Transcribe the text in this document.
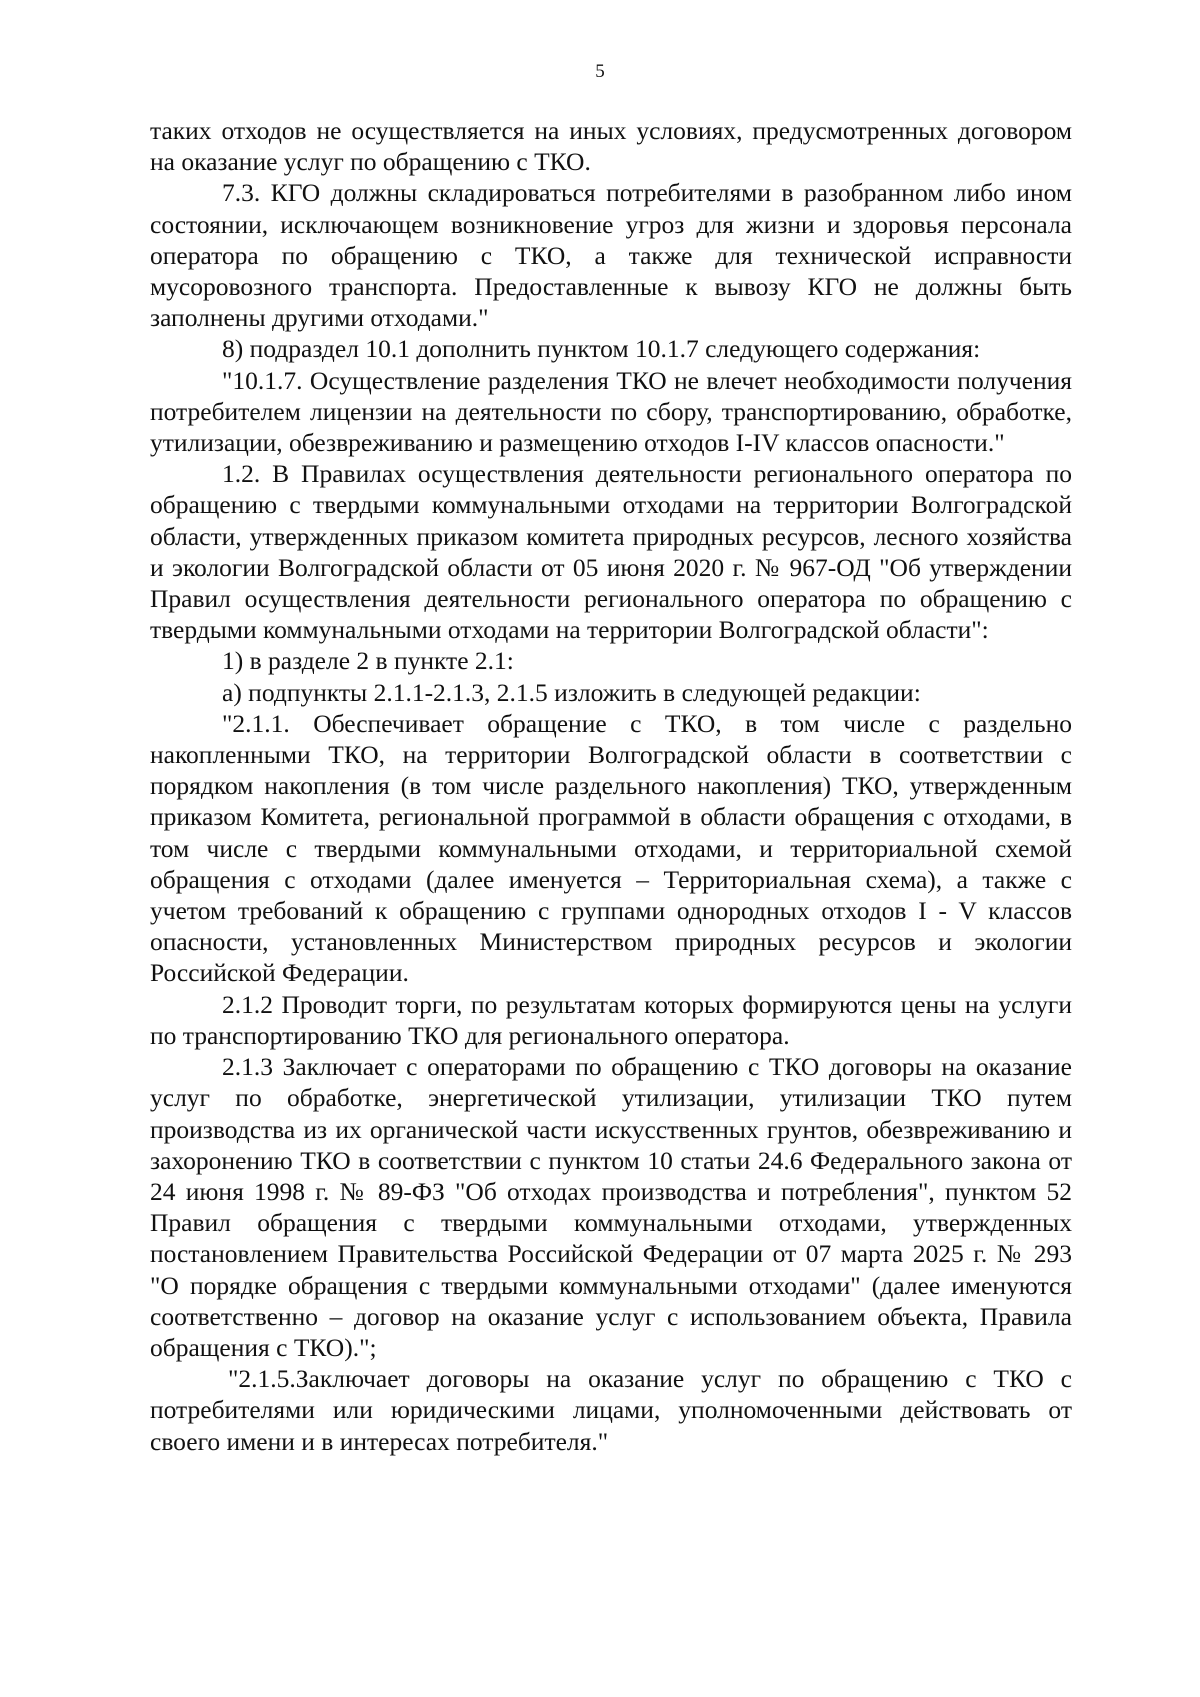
5

таких отходов не осуществляется на иных условиях, предусмотренных договором на оказание услуг по обращению с ТКО.

7.3. КГО должны складироваться потребителями в разобранном либо ином состоянии, исключающем возникновение угроз для жизни и здоровья персонала оператора по обращению с ТКО, а также для технической исправности мусоровозного транспорта. Предоставленные к вывозу КГО не должны быть заполнены другими отходами."

8) подраздел 10.1 дополнить пунктом 10.1.7 следующего содержания:

"10.1.7. Осуществление разделения ТКО не влечет необходимости получения потребителем лицензии на деятельности по сбору, транспортированию, обработке, утилизации, обезвреживанию и размещению отходов I-IV классов опасности."

1.2. В Правилах осуществления деятельности регионального оператора по обращению с твердыми коммунальными отходами на территории Волгоградской области, утвержденных приказом комитета природных ресурсов, лесного хозяйства и экологии Волгоградской области от 05 июня 2020 г. № 967-ОД "Об утверждении Правил осуществления деятельности регионального оператора по обращению с твердыми коммунальными отходами на территории Волгоградской области":

1) в разделе 2 в пункте 2.1:

а) подпункты 2.1.1-2.1.3, 2.1.5 изложить в следующей редакции:

"2.1.1. Обеспечивает обращение с ТКО, в том числе с раздельно накопленными ТКО, на территории Волгоградской области в соответствии с порядком накопления (в том числе раздельного накопления) ТКО, утвержденным приказом Комитета, региональной программой в области обращения с отходами, в том числе с твердыми коммунальными отходами, и территориальной схемой обращения с отходами (далее именуется – Территориальная схема), а также с учетом требований к обращению с группами однородных отходов I - V классов опасности, установленных Министерством природных ресурсов и экологии Российской Федерации.

2.1.2 Проводит торги, по результатам которых формируются цены на услуги по транспортированию ТКО для регионального оператора.

2.1.3 Заключает с операторами по обращению с ТКО договоры на оказание услуг по обработке, энергетической утилизации, утилизации ТКО путем производства из их органической части искусственных грунтов, обезвреживанию и захоронению ТКО в соответствии с пунктом 10 статьи 24.6 Федерального закона от 24 июня 1998 г. № 89-ФЗ "Об отходах производства и потребления", пунктом 52 Правил обращения с твердыми коммунальными отходами, утвержденных постановлением Правительства Российской Федерации от 07 марта 2025 г. № 293 "О порядке обращения с твердыми коммунальными отходами" (далее именуются соответственно – договор на оказание услуг с использованием объекта, Правила обращения с ТКО).";

"2.1.5.Заключает договоры на оказание услуг по обращению с ТКО с потребителями или юридическими лицами, уполномоченными действовать от своего имени и в интересах потребителя."
